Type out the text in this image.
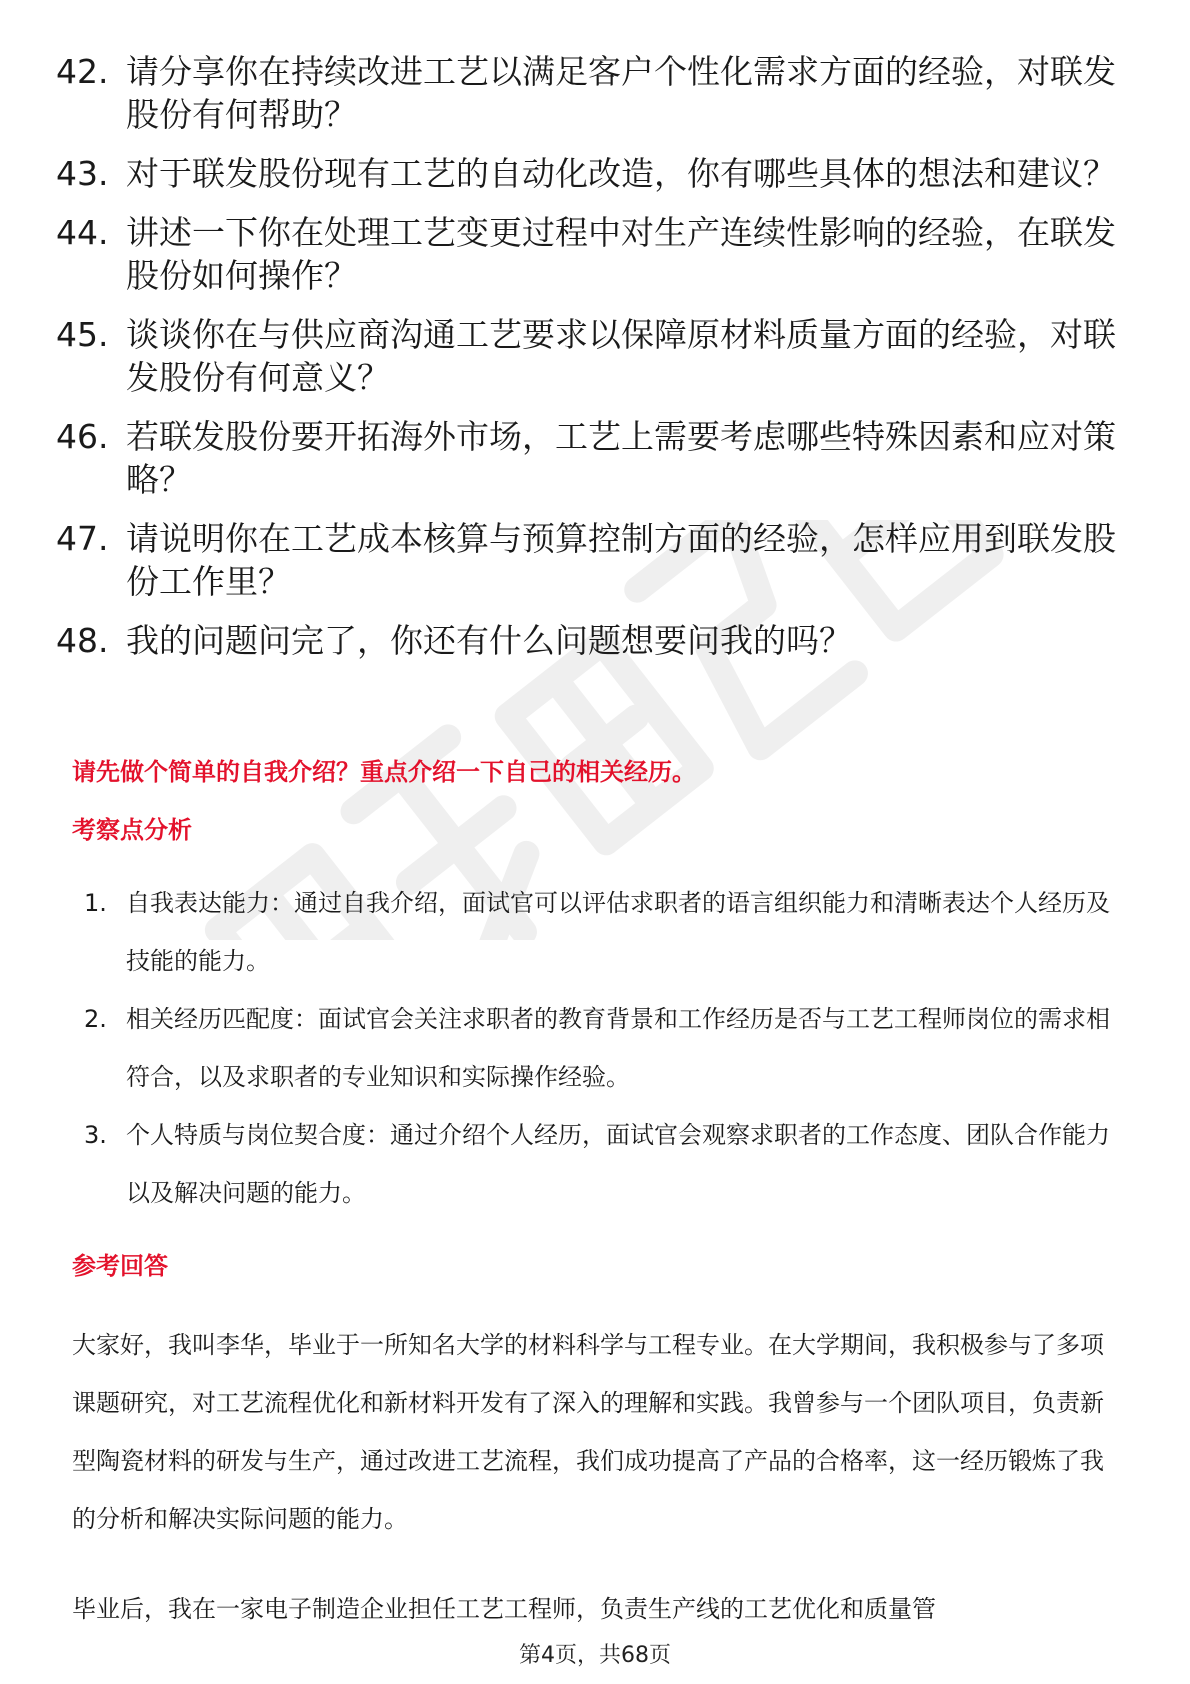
42. 请分享你在持续改进工艺以满足客户个性化需求方面的经验，对联发股份有何帮助？
43. 对于联发股份现有工艺的自动化改造，你有哪些具体的想法和建议？
44. 讲述一下你在处理工艺变更过程中对生产连续性影响的经验，在联发股份如何操作？
45. 谈谈你在与供应商沟通工艺要求以保障原材料质量方面的经验，对联发股份有何意义？
46. 若联发股份要开拓海外市场，工艺上需要考虑哪些特殊因素和应对策略？
47. 请说明你在工艺成本核算与预算控制方面的经验，怎样应用到联发股份工作里？
48. 我的问题问完了，你还有什么问题想要问我的吗？
请先做个简单的自我介绍？重点介绍一下自己的相关经历。
考察点分析
1. 自我表达能力：通过自我介绍，面试官可以评估求职者的语言组织能力和清晰表达个人经历及技能的能力。
2. 相关经历匹配度：面试官会关注求职者的教育背景和工作经历是否与工艺工程师岗位的需求相符合，以及求职者的专业知识和实际操作经验。
3. 个人特质与岗位契合度：通过介绍个人经历，面试官会观察求职者的工作态度、团队合作能力以及解决问题的能力。
参考回答

大家好，我叫李华，毕业于一所知名大学的材料科学与工程专业。在大学期间，我积极参与了多项课题研究，对工艺流程优化和新材料开发有了深入的理解和实践。我曾参与一个团队项目，负责新型陶瓷材料的研发与生产，通过改进工艺流程，我们成功提高了产品的合格率，这一经历锻炼了我的分析和解决实际问题的能力。

毕业后，我在一家电子制造企业担任工艺工程师，负责生产线的工艺优化和质量管

第4页，共68页
